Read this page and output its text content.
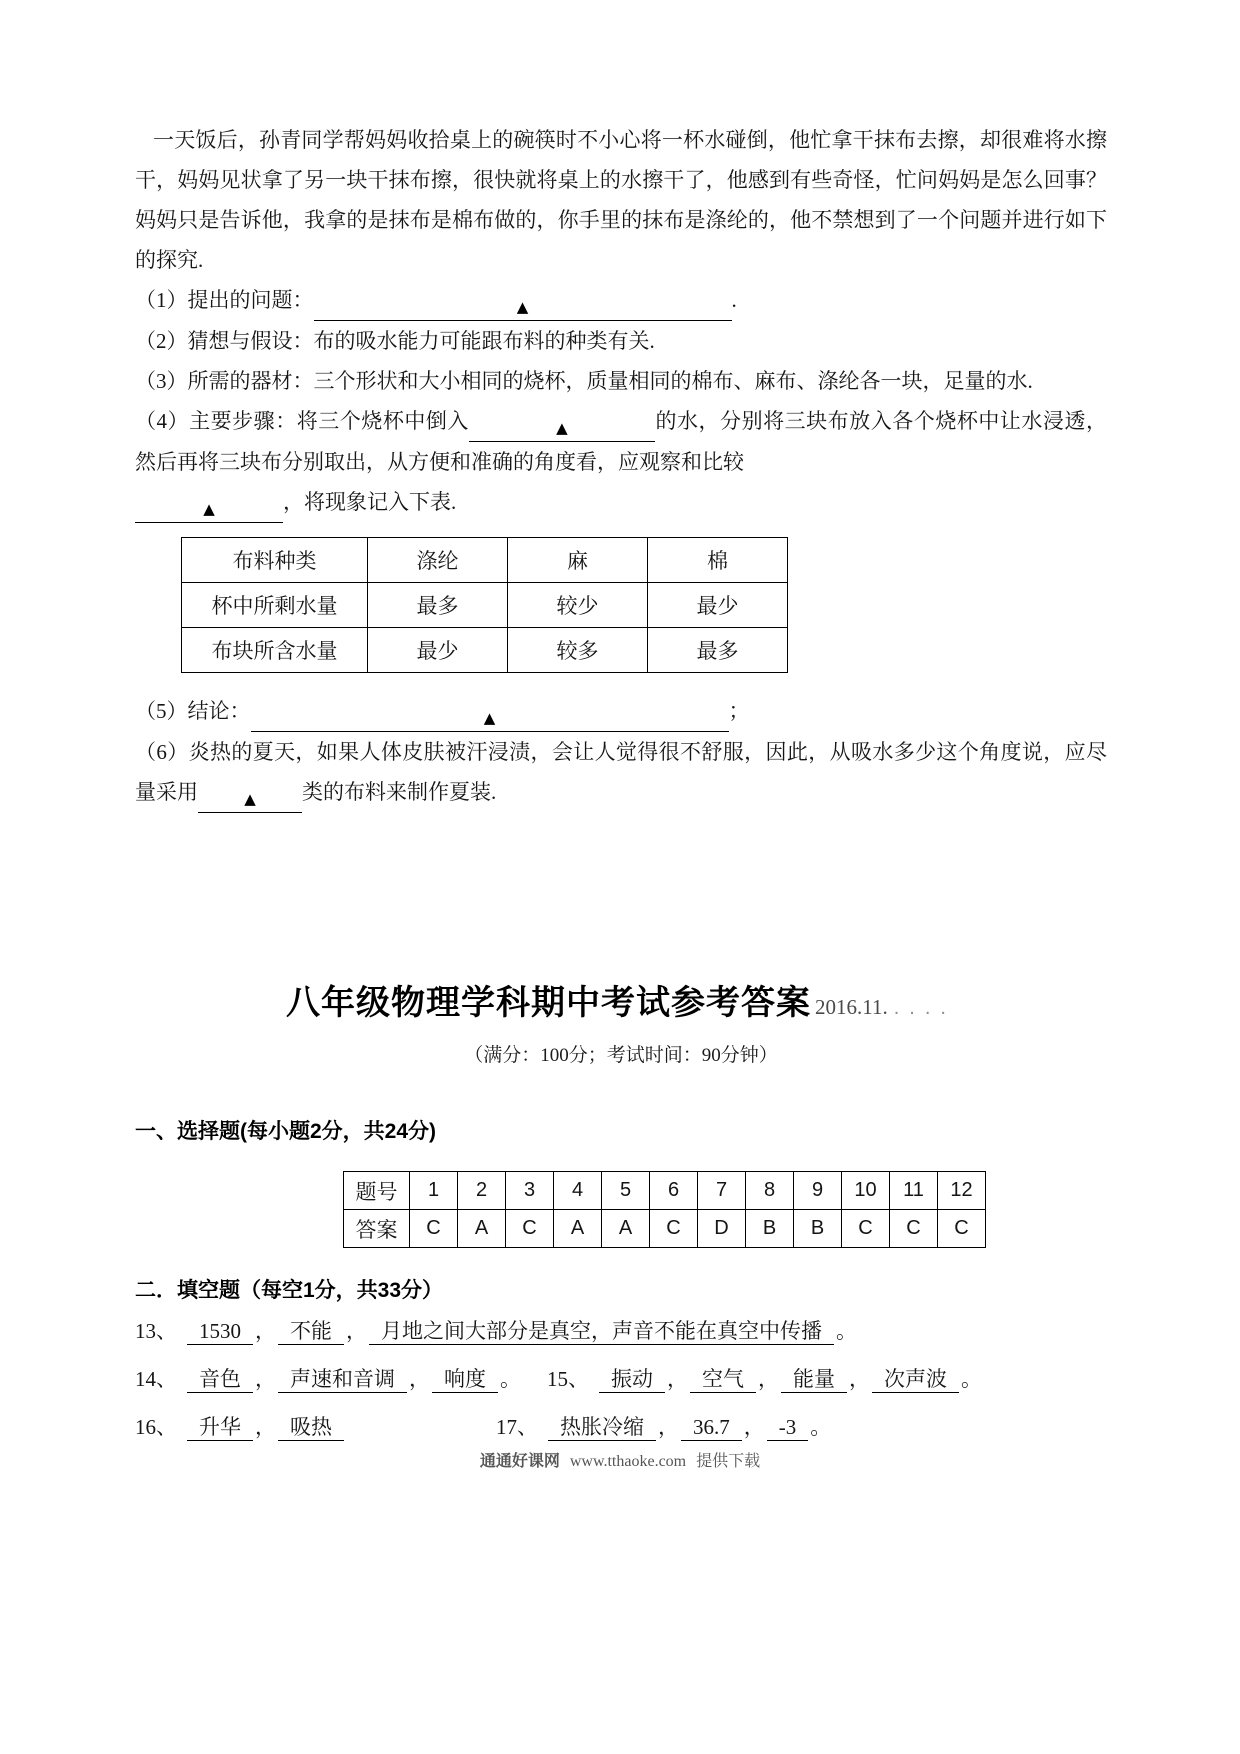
一天饭后，孙青同学帮妈妈收拾桌上的碗筷时不小心将一杯水碰倒，他忙拿干抹布去擦，却很难将水擦干，妈妈见状拿了另一块干抹布擦，很快就将桌上的水擦干了，他感到有些奇怪，忙问妈妈是怎么回事？妈妈只是告诉他，我拿的是抹布是棉布做的，你手里的抹布是涤纶的，他不禁想到了一个问题并进行如下的探究.
（1）提出的问题：	▲	.
（2）猜想与假设：布的吸水能力可能跟布料的种类有关.
（3）所需的器材：三个形状和大小相同的烧杯，质量相同的棉布、麻布、涤纶各一块，足量的水.
（4）主要步骤：将三个烧杯中倒入	▲	的水，分别将三块布放入各个烧杯中让水浸透，然后再将三块布分别取出，从方便和准确的角度看，应观察和比较
▲	，将现象记入下表.
布料种类	涤纶	麻	棉
杯中所剩水量	最多	较少	最少
布块所含水量	最少	较多	最多
（5）结论：	▲	；
（6）炎热的夏天，如果人体皮肤被汗浸渍，会让人觉得很不舒服，因此，从吸水多少这个角度说，应尽量采用	▲ 类的布料来制作夏装.
八年级物理学科期中考试参考答案 2016.11. ....
（满分：100分；考试时间：90分钟）
一、选择题(每小题2分，共24分)
题号	1	2	3	4	5	6	7	8	9	10	11	12
答案	C	A	C	A	A	C	D	B	B	C	C	C
二．填空题（每空1分，共33分）
13、 1530 ， 不能 ， 月地之间大部分是真空，声音不能在真空中传播 。
14、 音色 ， 声速和音调 ， 响度 。 15、 振动 ， 空气 ， 能量 ， 次声波 。
16、 升华 ， 吸热	17、 热胀冷缩 ， 36.7 ， -3 。
通通好课网 www.tthaoke.com 提供下载
